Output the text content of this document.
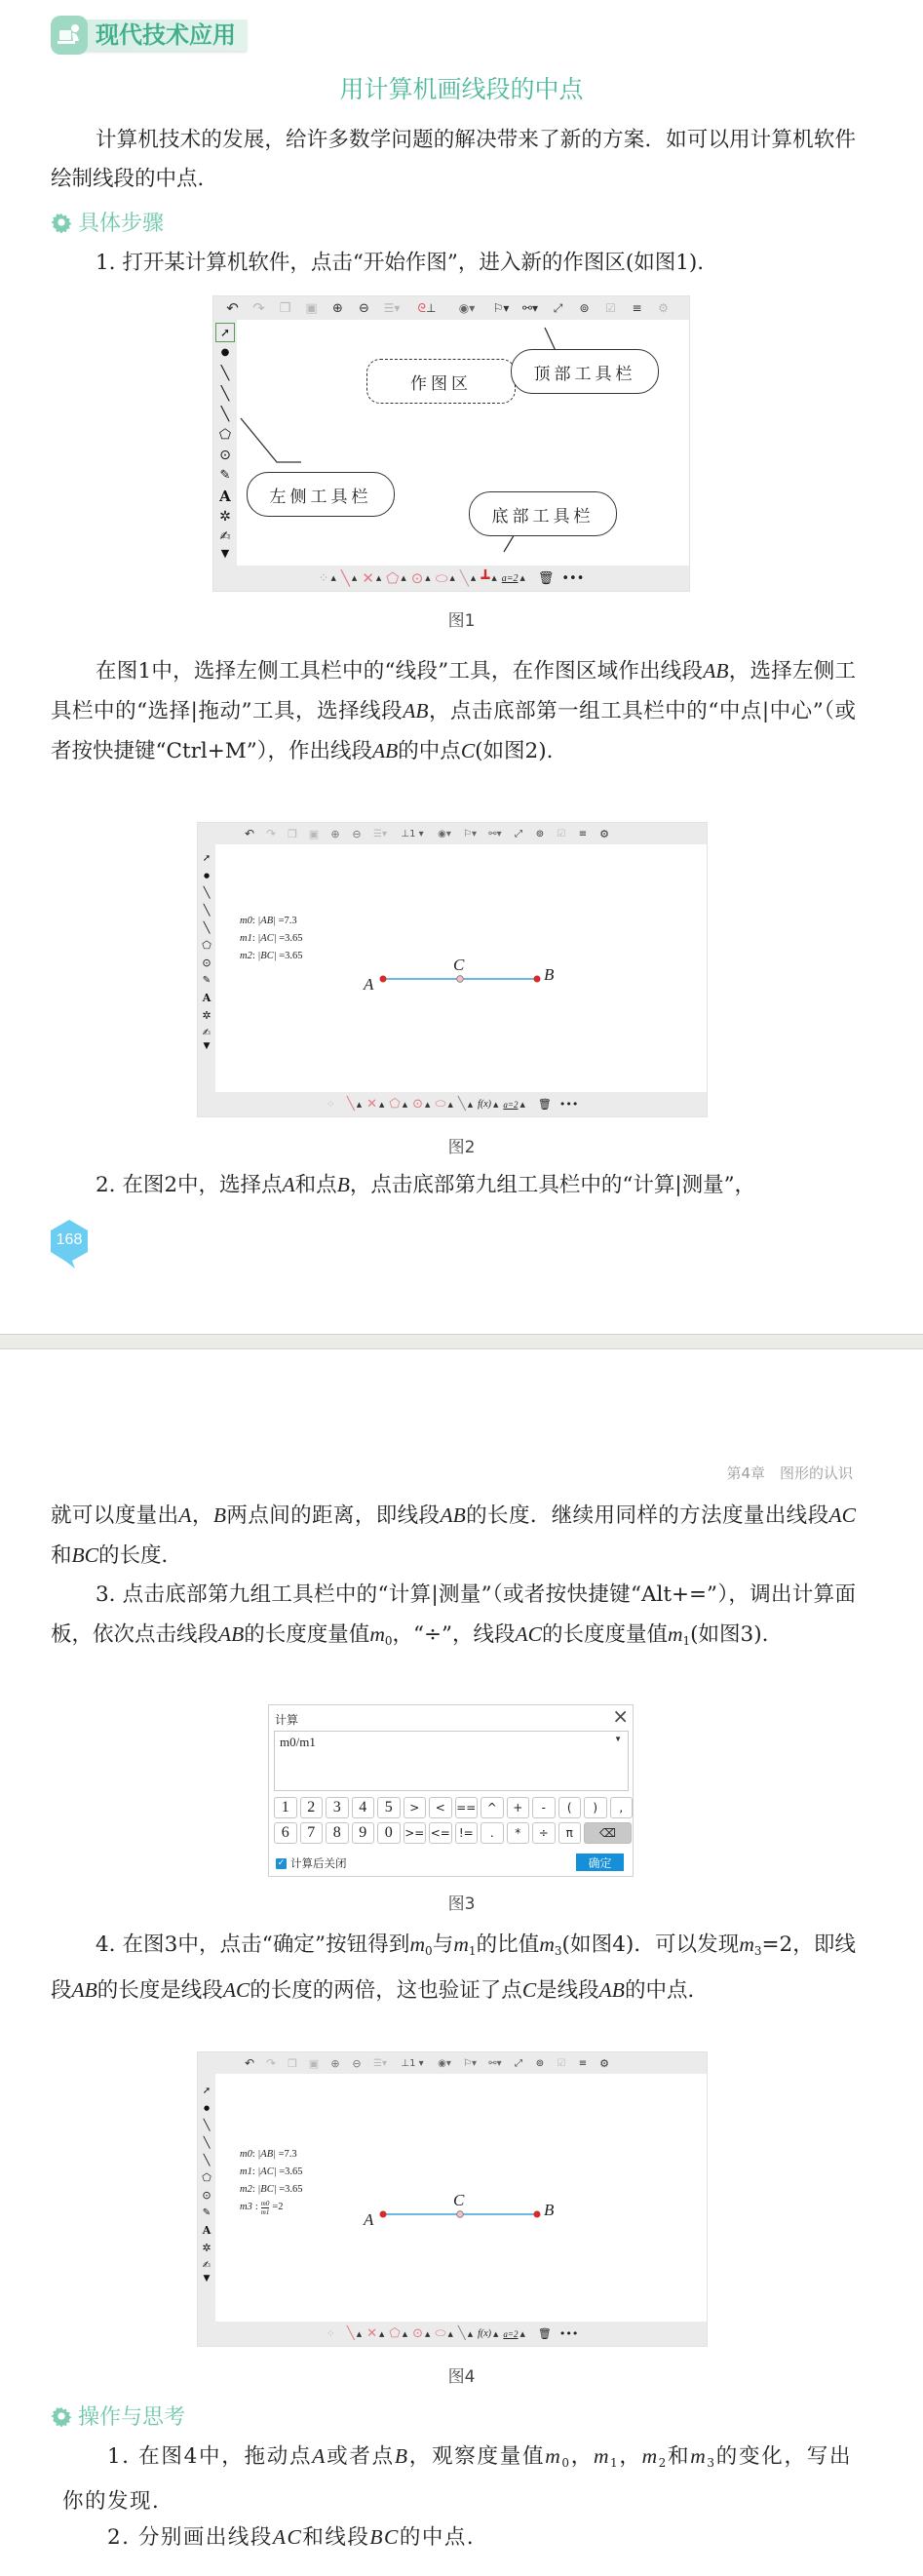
现代技术应用
用计算机画线段的中点
计算机技术的发展，给许多数学问题的解决带来了新的方案．如可以用计算机软件绘制线段的中点．
具体步骤
1. 打开某计算机软件，点击“开始作图”，进入新的作图区(如图1).
↶ ↷	❐	▣	⊕	⊖	☰▾	ᘓ ⊥	◉▾	⚐▾	⚯▾	⤢	⊚	☑	≡	⚙
➚
●
╲
╲
╲
⬠
⊙
✎
A
✲
✍
▼
⁘ ▲ ╲ ▲ ✕ ▲ ⬠ ▲ ⊙ ▲ ⬭ ▲ ╲ ▲ ┻ ▲ a=2 ▲ 🗑 •••
作图区	顶部工具栏
左侧工具栏
底部工具栏
图1
在图1中，选择左侧工具栏中的“线段”工具，在作图区域作出线段AB，选择左侧工具栏中的“选择|拖动”工具，选择线段AB，点击底部第一组工具栏中的“中点|中心”（或者按快捷键“Ctrl+M”），作出线段AB的中点C(如图2).
↶ ↷	❐	▣	⊕	⊖	☰▾	⊥ 1 ▾	◉▾	⚐▾	⚯▾	⤢	⊚	☑	≡	⚙
➚
●
╲
╲
╲
⬠
⊙
✎
A
✲
✍
▼
m0: |AB| =7.3
m1: |AC| =3.65
m2: |BC| =3.65
A
B
C
⁘ ╲ ▲ ✕ ▲ ⬠ ▲ ⊙ ▲ ⬭ ▲ ╲ ▲ f(x) ▲ a=2 ▲ 🗑 •••
图2
2. 在图2中，选择点A和点B，点击底部第九组工具栏中的“计算|测量”，
168
第4章　图形的认识
就可以度量出A，B两点间的距离，即线段AB的长度．继续用同样的方法度量出线段AC和BC的长度．
3. 点击底部第九组工具栏中的“计算|测量”（或者按快捷键“Alt+=”），调出计算面板，依次点击线段AB的长度度量值$m_0$，“÷”，线段AC的长度度量值$m_1$(如图3).
计算	×
m0/m1	▼
1	2	3	4	5	>	< == ^	+	-	(	)	,
6	7	8	9	0	>= <= !=	.	*	÷	π	⌫
✓ 计算后关闭	确定
图3
4. 在图3中，点击“确定”按钮得到$m_0$与$m_1$的比值$m_3$(如图4)．可以发现$m_3=2$，即线段AB的长度是线段AC的长度的两倍，这也验证了点C是线段AB的中点．
↶ ↷	❐	▣	⊕	⊖	☰▾	⊥ 1 ▾	◉▾	⚐▾	⚯▾	⤢	⊚	☑	≡	⚙
➚
●
╲
╲
╲
⬠
⊙
✎
A
✲
✍
▼
m0: |AB| =7.3
m1: |AC| =3.65
m2: |BC| =3.65
m3 : $\frac{m0}{m1} =2$
A
B
C
⁘ ╲ ▲ ✕ ▲ ⬠ ▲ ⊙ ▲ ⬭ ▲ ╲ ▲ f(x) ▲ a=2 ▲ 🗑 •••
图4
操作与思考
1. 在图4中，拖动点A或者点B，观察度量值$m_0$，$m_1$，$m_2$和$m_3$的变化，写出你的发现．
2. 分别画出线段AC和线段BC的中点．
